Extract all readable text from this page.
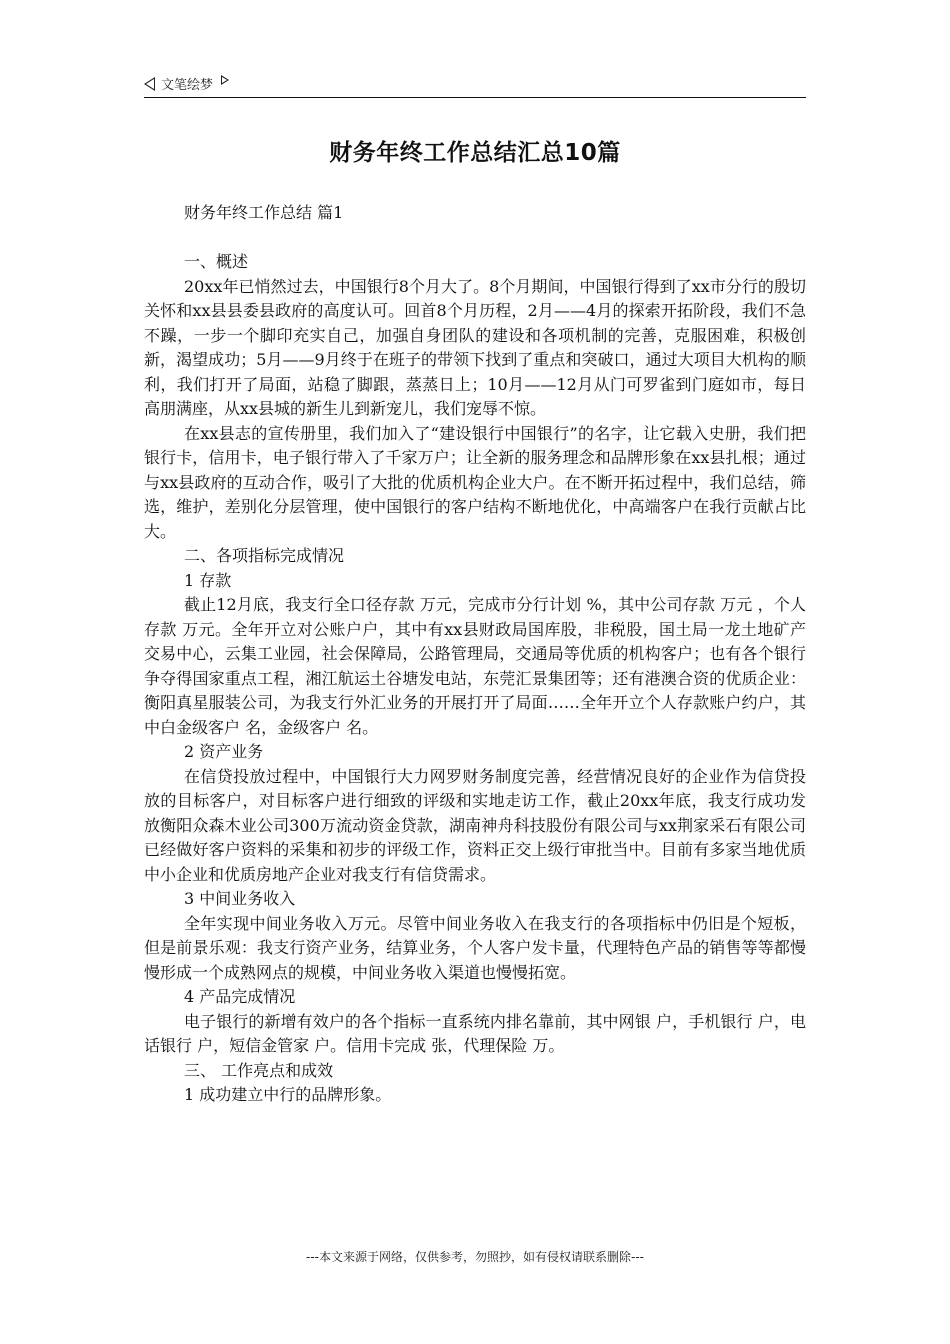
文笔绘梦
财务年终工作总结汇总10篇

财务年终工作总结 篇1

一、概述

20xx年已悄然过去，中国银行8个月大了。8个月期间，中国银行得到了xx市分行的殷切关怀和xx县县委县政府的高度认可。回首8个月历程，2月——4月的探索开拓阶段，我们不急不躁，一步一个脚印充实自己，加强自身团队的建设和各项机制的完善，克服困难，积极创新，渴望成功；5月——9月终于在班子的带领下找到了重点和突破口，通过大项目大机构的顺利，我们打开了局面，站稳了脚跟，蒸蒸日上；10月——12月从门可罗雀到门庭如市，每日高朋满座，从xx县城的新生儿到新宠儿，我们宠辱不惊。

在xx县志的宣传册里，我们加入了“建设银行中国银行”的名字，让它载入史册，我们把银行卡，信用卡，电子银行带入了千家万户；让全新的服务理念和品牌形象在xx县扎根；通过与xx县政府的互动合作，吸引了大批的优质机构企业大户。在不断开拓过程中，我们总结，筛选，维护，差别化分层管理，使中国银行的客户结构不断地优化，中高端客户在我行贡献占比大。

二、各项指标完成情况

1 存款

截止12月底，我支行全口径存款 万元，完成市分行计划 %，其中公司存款 万元 ，个人存款 万元。全年开立对公账户户，其中有xx县财政局国库股，非税股，国土局一龙土地矿产交易中心，云集工业园，社会保障局，公路管理局，交通局等优质的机构客户；也有各个银行争夺得国家重点工程，湘江航运土谷塘发电站，东莞汇景集团等；还有港澳合资的优质企业：衡阳真星服装公司，为我支行外汇业务的开展打开了局面……全年开立个人存款账户约户，其中白金级客户 名，金级客户 名。

2 资产业务

在信贷投放过程中，中国银行大力网罗财务制度完善，经营情况良好的企业作为信贷投放的目标客户，对目标客户进行细致的评级和实地走访工作，截止20xx年底，我支行成功发放衡阳众森木业公司300万流动资金贷款，湖南神舟科技股份有限公司与xx荆家采石有限公司已经做好客户资料的采集和初步的评级工作，资料正交上级行审批当中。目前有多家当地优质中小企业和优质房地产企业对我支行有信贷需求。

3 中间业务收入

全年实现中间业务收入万元。尽管中间业务收入在我支行的各项指标中仍旧是个短板，但是前景乐观：我支行资产业务，结算业务，个人客户发卡量，代理特色产品的销售等等都慢慢形成一个成熟网点的规模，中间业务收入渠道也慢慢拓宽。

4 产品完成情况

电子银行的新增有效户的各个指标一直系统内排名靠前，其中网银 户，手机银行 户，电话银行 户，短信金管家 户。信用卡完成 张，代理保险 万。

三、 工作亮点和成效

1 成功建立中行的品牌形象。

---本文来源于网络，仅供参考，勿照抄，如有侵权请联系删除---
